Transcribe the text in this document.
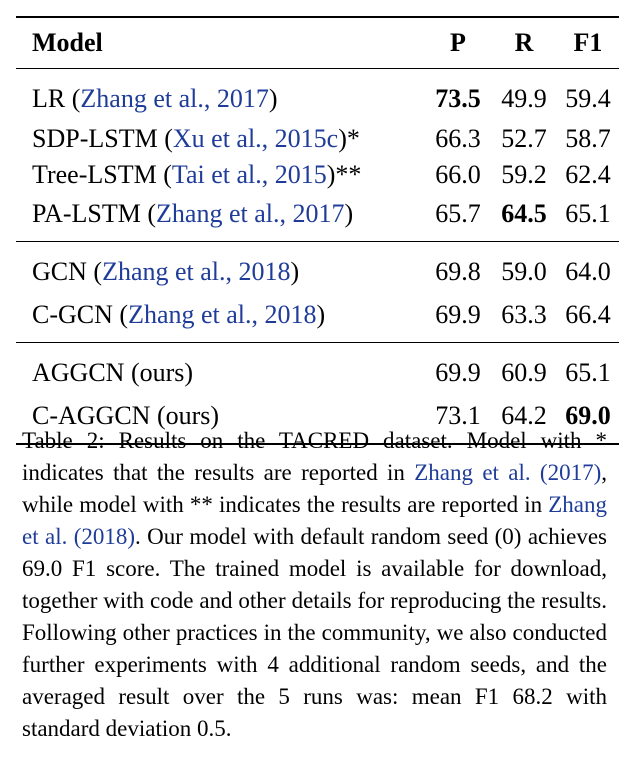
Model	P	R	F1
LR (Zhang et al., 2017)	73.5	49.9	59.4
SDP-LSTM (Xu et al., 2015c)*	66.3	52.7	58.7
Tree-LSTM (Tai et al., 2015)**	66.0	59.2	62.4
PA-LSTM (Zhang et al., 2017)	65.7	64.5	65.1
GCN (Zhang et al., 2018)	69.8	59.0	64.0
C-GCN (Zhang et al., 2018)	69.9	63.3	66.4
AGGCN (ours)	69.9	60.9	65.1
C-AGGCN (ours)	73.1	64.2	69.0
Table 2: Results on the TACRED dataset. Model with * indicates that the results are reported in Zhang et al. (2017), while model with ** indicates the results are reported in Zhang et al. (2018). Our model with default random seed (0) achieves 69.0 F1 score. The trained model is available for download, together with code and other details for reproducing the results. Following other practices in the community, we also conducted further experiments with 4 additional random seeds, and the averaged result over the 5 runs was: mean F1 68.2 with standard deviation 0.5.
